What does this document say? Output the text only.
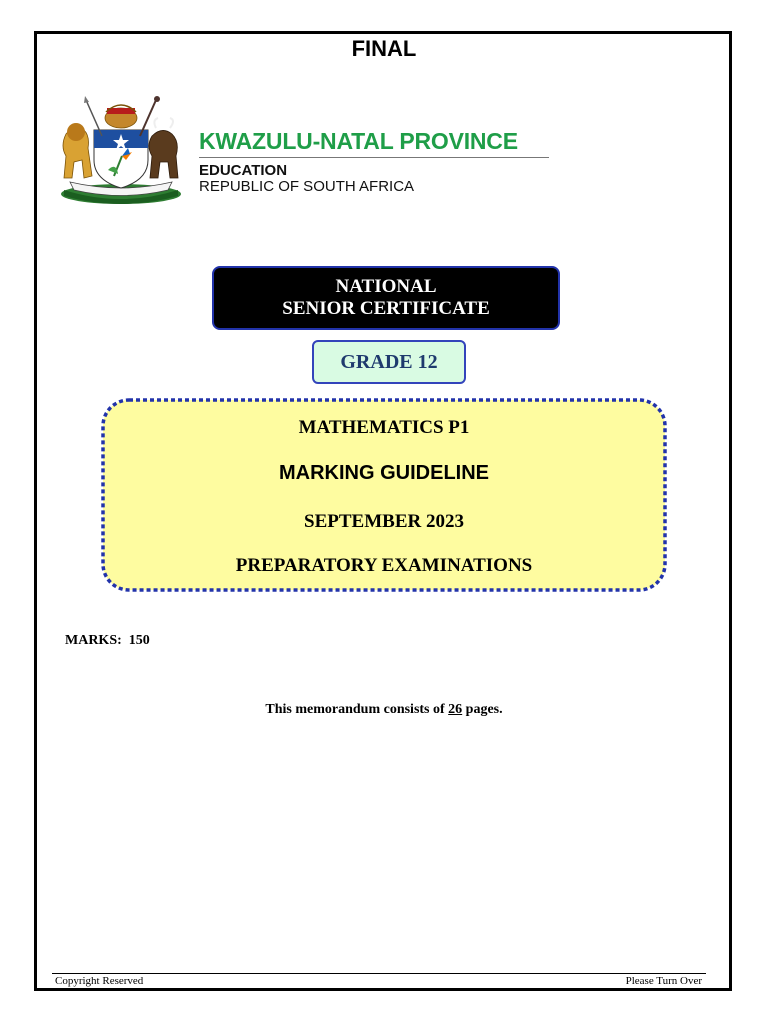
FINAL
KWAZULU-NATAL PROVINCE
EDUCATION
REPUBLIC OF SOUTH AFRICA
NATIONAL
SENIOR CERTIFICATE
GRADE 12
MATHEMATICS P1
MARKING GUIDELINE
SEPTEMBER 2023
PREPARATORY EXAMINATIONS
MARKS: 150
This memorandum consists of 26 pages.
Copyright Reserved	Please Turn Over
